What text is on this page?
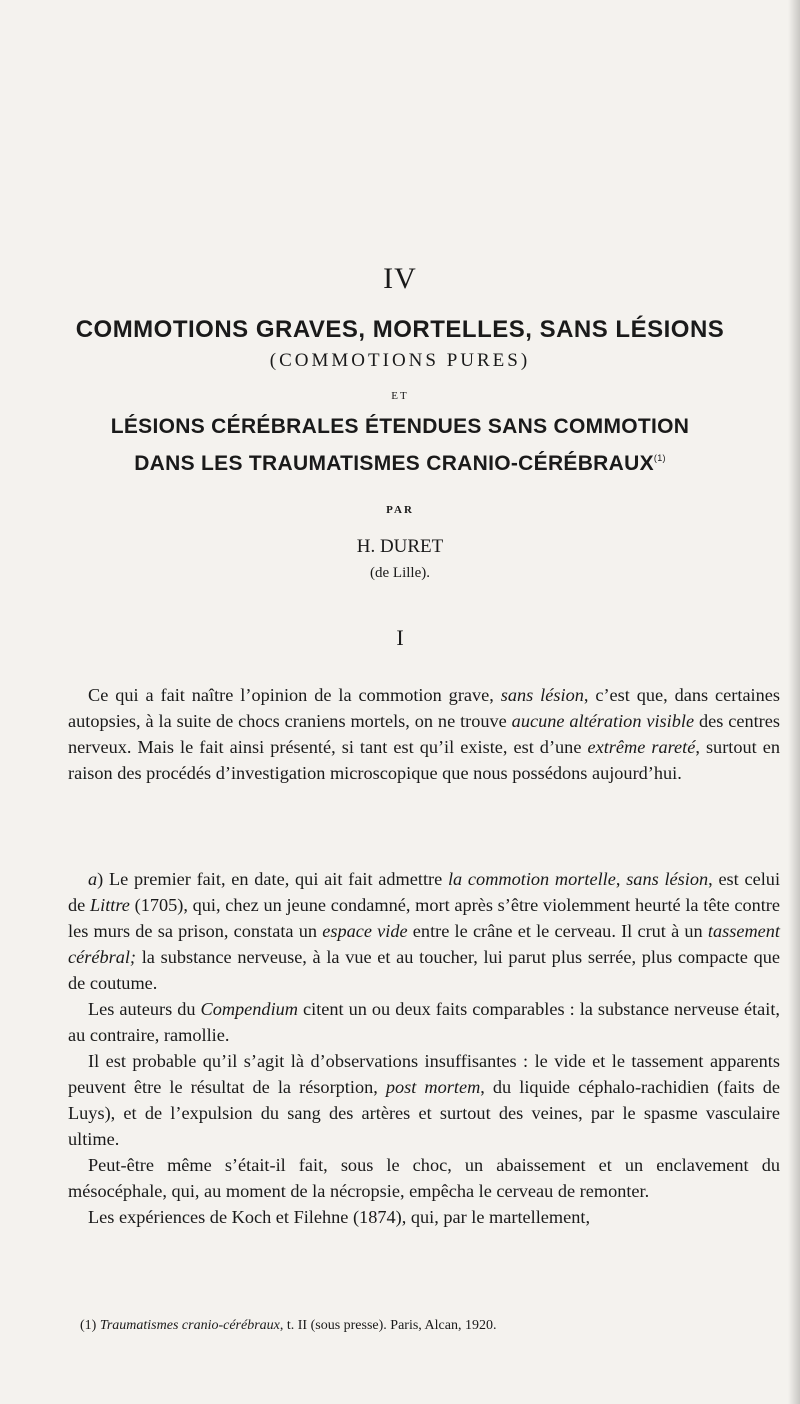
IV
COMMOTIONS GRAVES, MORTELLES, SANS LÉSIONS
(COMMOTIONS PURES)
ET
LÉSIONS CÉRÉBRALES ÉTENDUES SANS COMMOTION
DANS LES TRAUMATISMES CRANIO-CÉRÉBRAUX$^{(1)}$
PAR
H. DURET
(de Lille).
I

Ce qui a fait naître l’opinion de la commotion grave, sans lésion, c’est que, dans certaines autopsies, à la suite de chocs craniens mortels, on ne trouve aucune altération visible des centres nerveux. Mais le fait ainsi présenté, si tant est qu’il existe, est d’une extrême rareté, surtout en raison des procédés d’investigation microscopique que nous possédons aujourd’hui.

a) Le premier fait, en date, qui ait fait admettre la commotion mortelle, sans lésion, est celui de Littre (1705), qui, chez un jeune condamné, mort après s’être violemment heurté la tête contre les murs de sa prison, constata un espace vide entre le crâne et le cerveau. Il crut à un tassement cérébral; la substance nerveuse, à la vue et au toucher, lui parut plus serrée, plus compacte que de coutume.

Les auteurs du Compendium citent un ou deux faits comparables : la substance nerveuse était, au contraire, ramollie.

Il est probable qu’il s’agit là d’observations insuffisantes : le vide et le tassement apparents peuvent être le résultat de la résorption, post mortem, du liquide céphalo-rachidien (faits de Luys), et de l’expulsion du sang des artères et surtout des veines, par le spasme vasculaire ultime.

Peut-être même s’était-il fait, sous le choc, un abaissement et un enclavement du mésocéphale, qui, au moment de la nécropsie, empêcha le cerveau de remonter.

Les expériences de Koch et Filehne (1874), qui, par le martellement,

(1) Traumatismes cranio-cérébraux, t. II (sous presse). Paris, Alcan, 1920.
